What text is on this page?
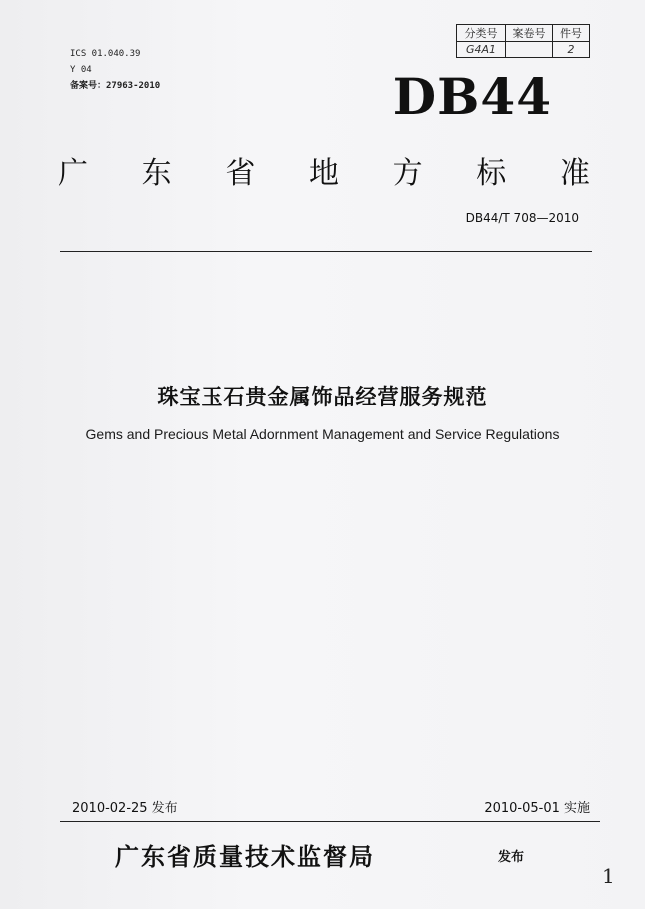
ICS 01.040.39
Y 04
备案号：27963-2010
分类号	案卷号	件号
G4A1		2
DB44
广 东 省 地 方 标 准
DB44/T 708—2010
珠宝玉石贵金属饰品经营服务规范
Gems and Precious Metal Adornment Management and Service Regulations
2010-02-25 发布	2010-05-01 实施
广东省质量技术监督局	发布
1
